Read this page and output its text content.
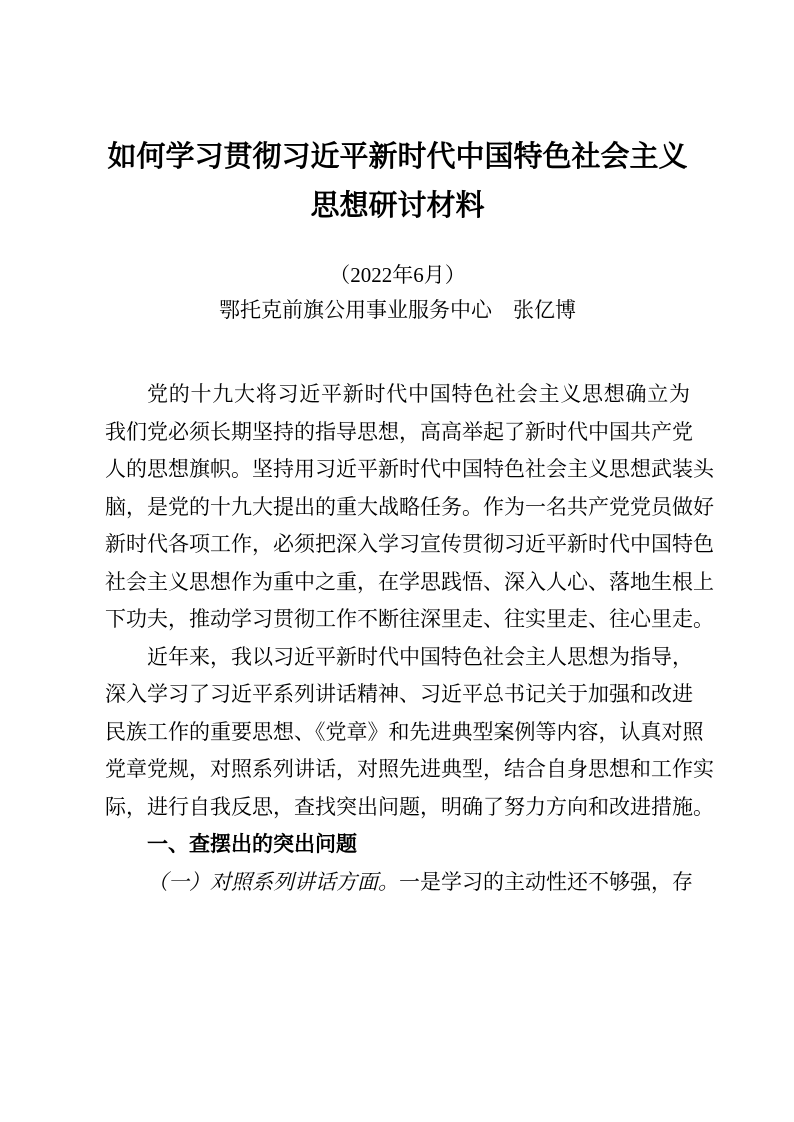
如何学习贯彻习近平新时代中国特色社会主义
思想研讨材料
（2022年6月）
鄂托克前旗公用事业服务中心　张亿博
党的十九大将习近平新时代中国特色社会主义思想确立为
我们党必须长期坚持的指导思想，高高举起了新时代中国共产党
人的思想旗帜。坚持用习近平新时代中国特色社会主义思想武装头
脑，是党的十九大提出的重大战略任务。作为一名共产党党员做好
新时代各项工作，必须把深入学习宣传贯彻习近平新时代中国特色
社会主义思想作为重中之重，在学思践悟、深入人心、落地生根上
下功夫，推动学习贯彻工作不断往深里走、往实里走、往心里走。
近年来，我以习近平新时代中国特色社会主人思想为指导，
深入学习了习近平系列讲话精神、习近平总书记关于加强和改进
民族工作的重要思想、《党章》和先进典型案例等内容，认真对照
党章党规，对照系列讲话，对照先进典型，结合自身思想和工作实
际，进行自我反思，查找突出问题，明确了努力方向和改进措施。
一、查摆出的突出问题
（一）对照系列讲话方面。一是学习的主动性还不够强，存
